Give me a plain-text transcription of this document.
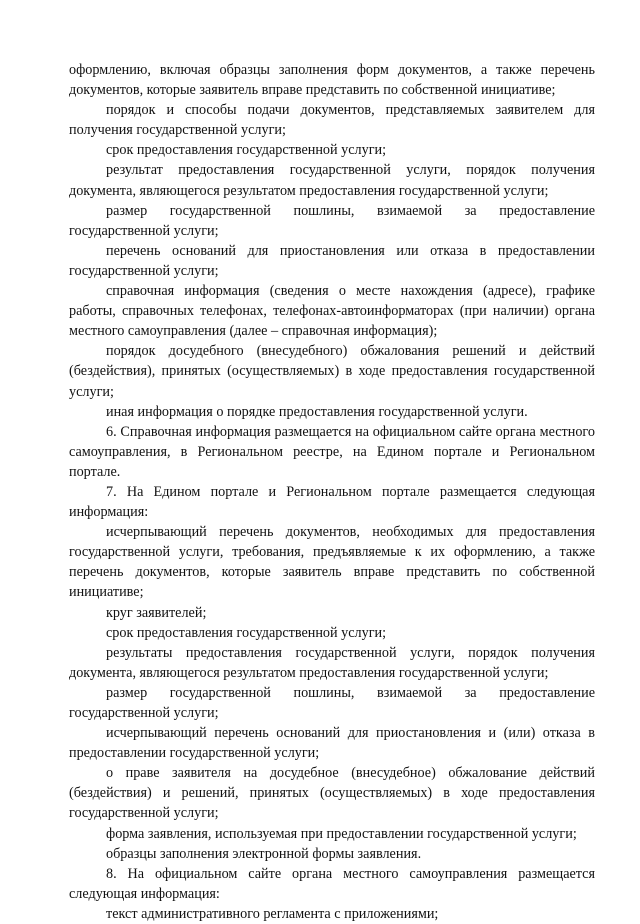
оформлению, включая образцы заполнения форм документов, а также перечень документов, которые заявитель вправе представить по собственной инициативе;

порядок и способы подачи документов, представляемых заявителем для получения государственной услуги;

срок предоставления государственной услуги;

результат предоставления государственной услуги, порядок получения документа, являющегося результатом предоставления государственной услуги;

размер государственной пошлины, взимаемой за предоставление государственной услуги;

перечень оснований для приостановления или отказа в предоставлении государственной услуги;

справочная информация (сведения о месте нахождения (адресе), графике работы, справочных телефонах, телефонах-автоинформаторах (при наличии) органа местного самоуправления (далее – справочная информация);

порядок досудебного (внесудебного) обжалования решений и действий (бездействия), принятых (осуществляемых) в ходе предоставления государственной услуги;

иная информация о порядке предоставления государственной услуги.

6. Справочная информация размещается на официальном сайте органа местного самоуправления, в Региональном реестре, на Едином портале и Региональном портале.

7. На Едином портале и Региональном портале размещается следующая информация:

исчерпывающий перечень документов, необходимых для предоставления государственной услуги, требования, предъявляемые к их оформлению, а также перечень документов, которые заявитель вправе представить по собственной инициативе;

круг заявителей;

срок предоставления государственной услуги;

результаты предоставления государственной услуги, порядок получения документа, являющегося результатом предоставления государственной услуги;

размер государственной пошлины, взимаемой за предоставление государственной услуги;

исчерпывающий перечень оснований для приостановления и (или) отказа в предоставлении государственной услуги;

о праве заявителя на досудебное (внесудебное) обжалование действий (бездействия) и решений, принятых (осуществляемых) в ходе предоставления государственной услуги;

форма заявления, используемая при предоставлении государственной услуги;

образцы заполнения электронной формы заявления.

8. На официальном сайте органа местного самоуправления размещается следующая информация:

текст административного регламента с приложениями;
